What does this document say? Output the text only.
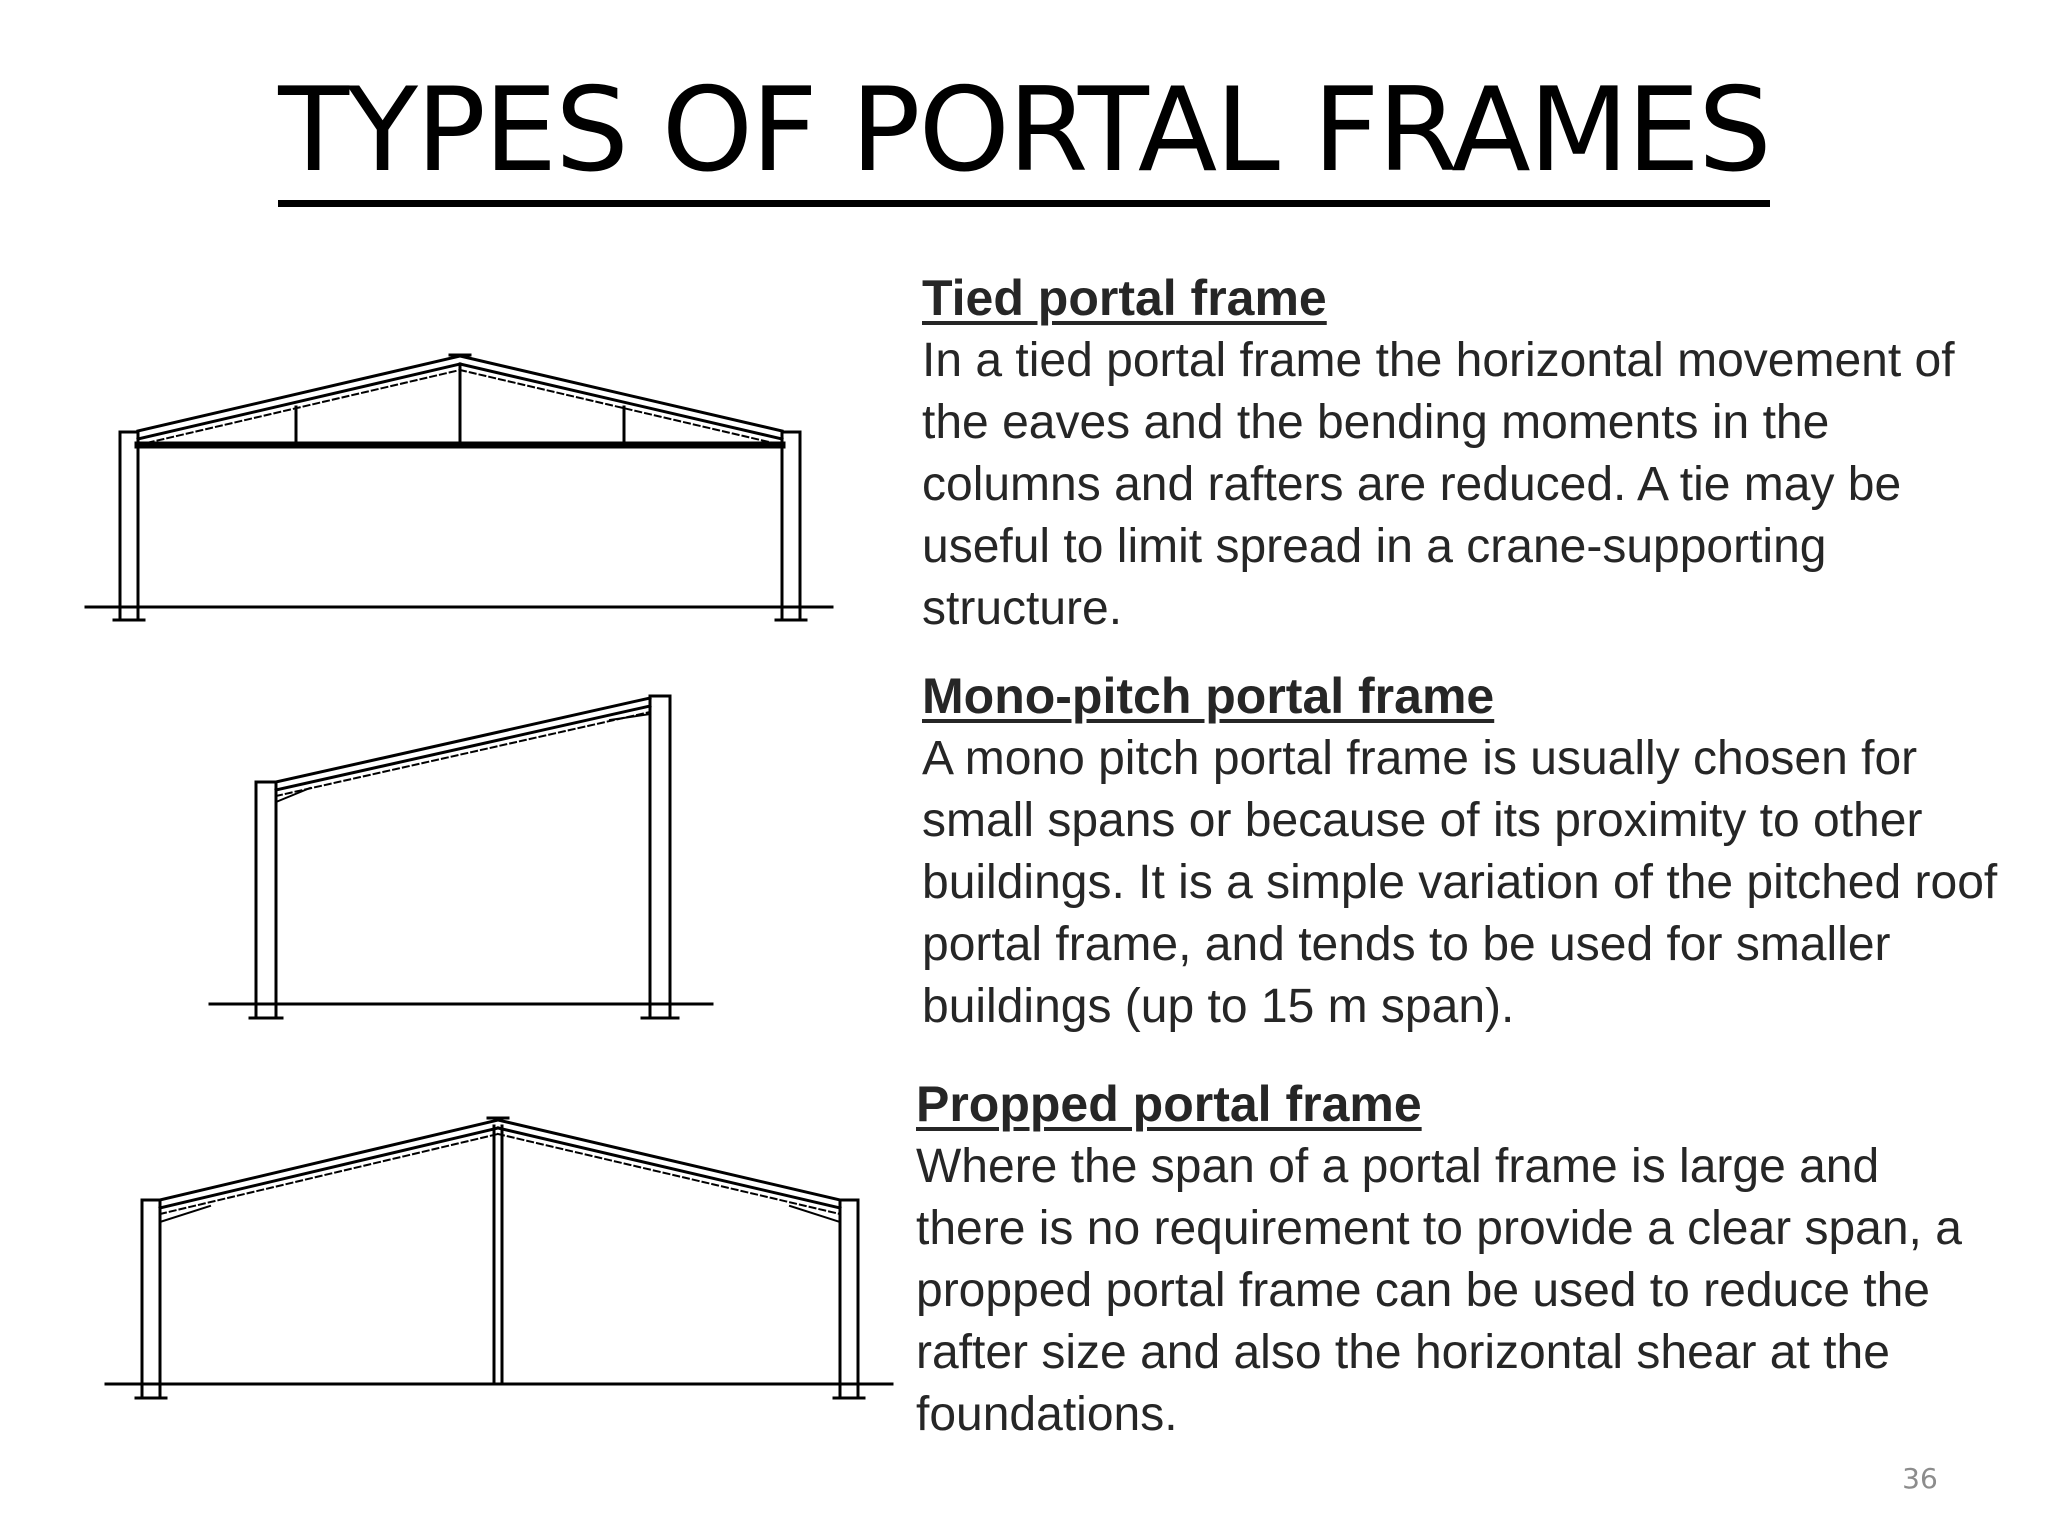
TYPES OF PORTAL FRAMES
Tied portal frame

In a tied portal frame the horizontal movement of the eaves and the bending moments in the columns and rafters are reduced. A tie may be useful to limit spread in a crane-supporting structure.

Mono-pitch portal frame

A mono pitch portal frame is usually chosen for small spans or because of its proximity to other buildings. It is a simple variation of the pitched roof portal frame, and tends to be used for smaller buildings (up to 15 m span).

Propped portal frame

Where the span of a portal frame is large and there is no requirement to provide a clear span, a propped portal frame can be used to reduce the rafter size and also the horizontal shear at the foundations.

36
